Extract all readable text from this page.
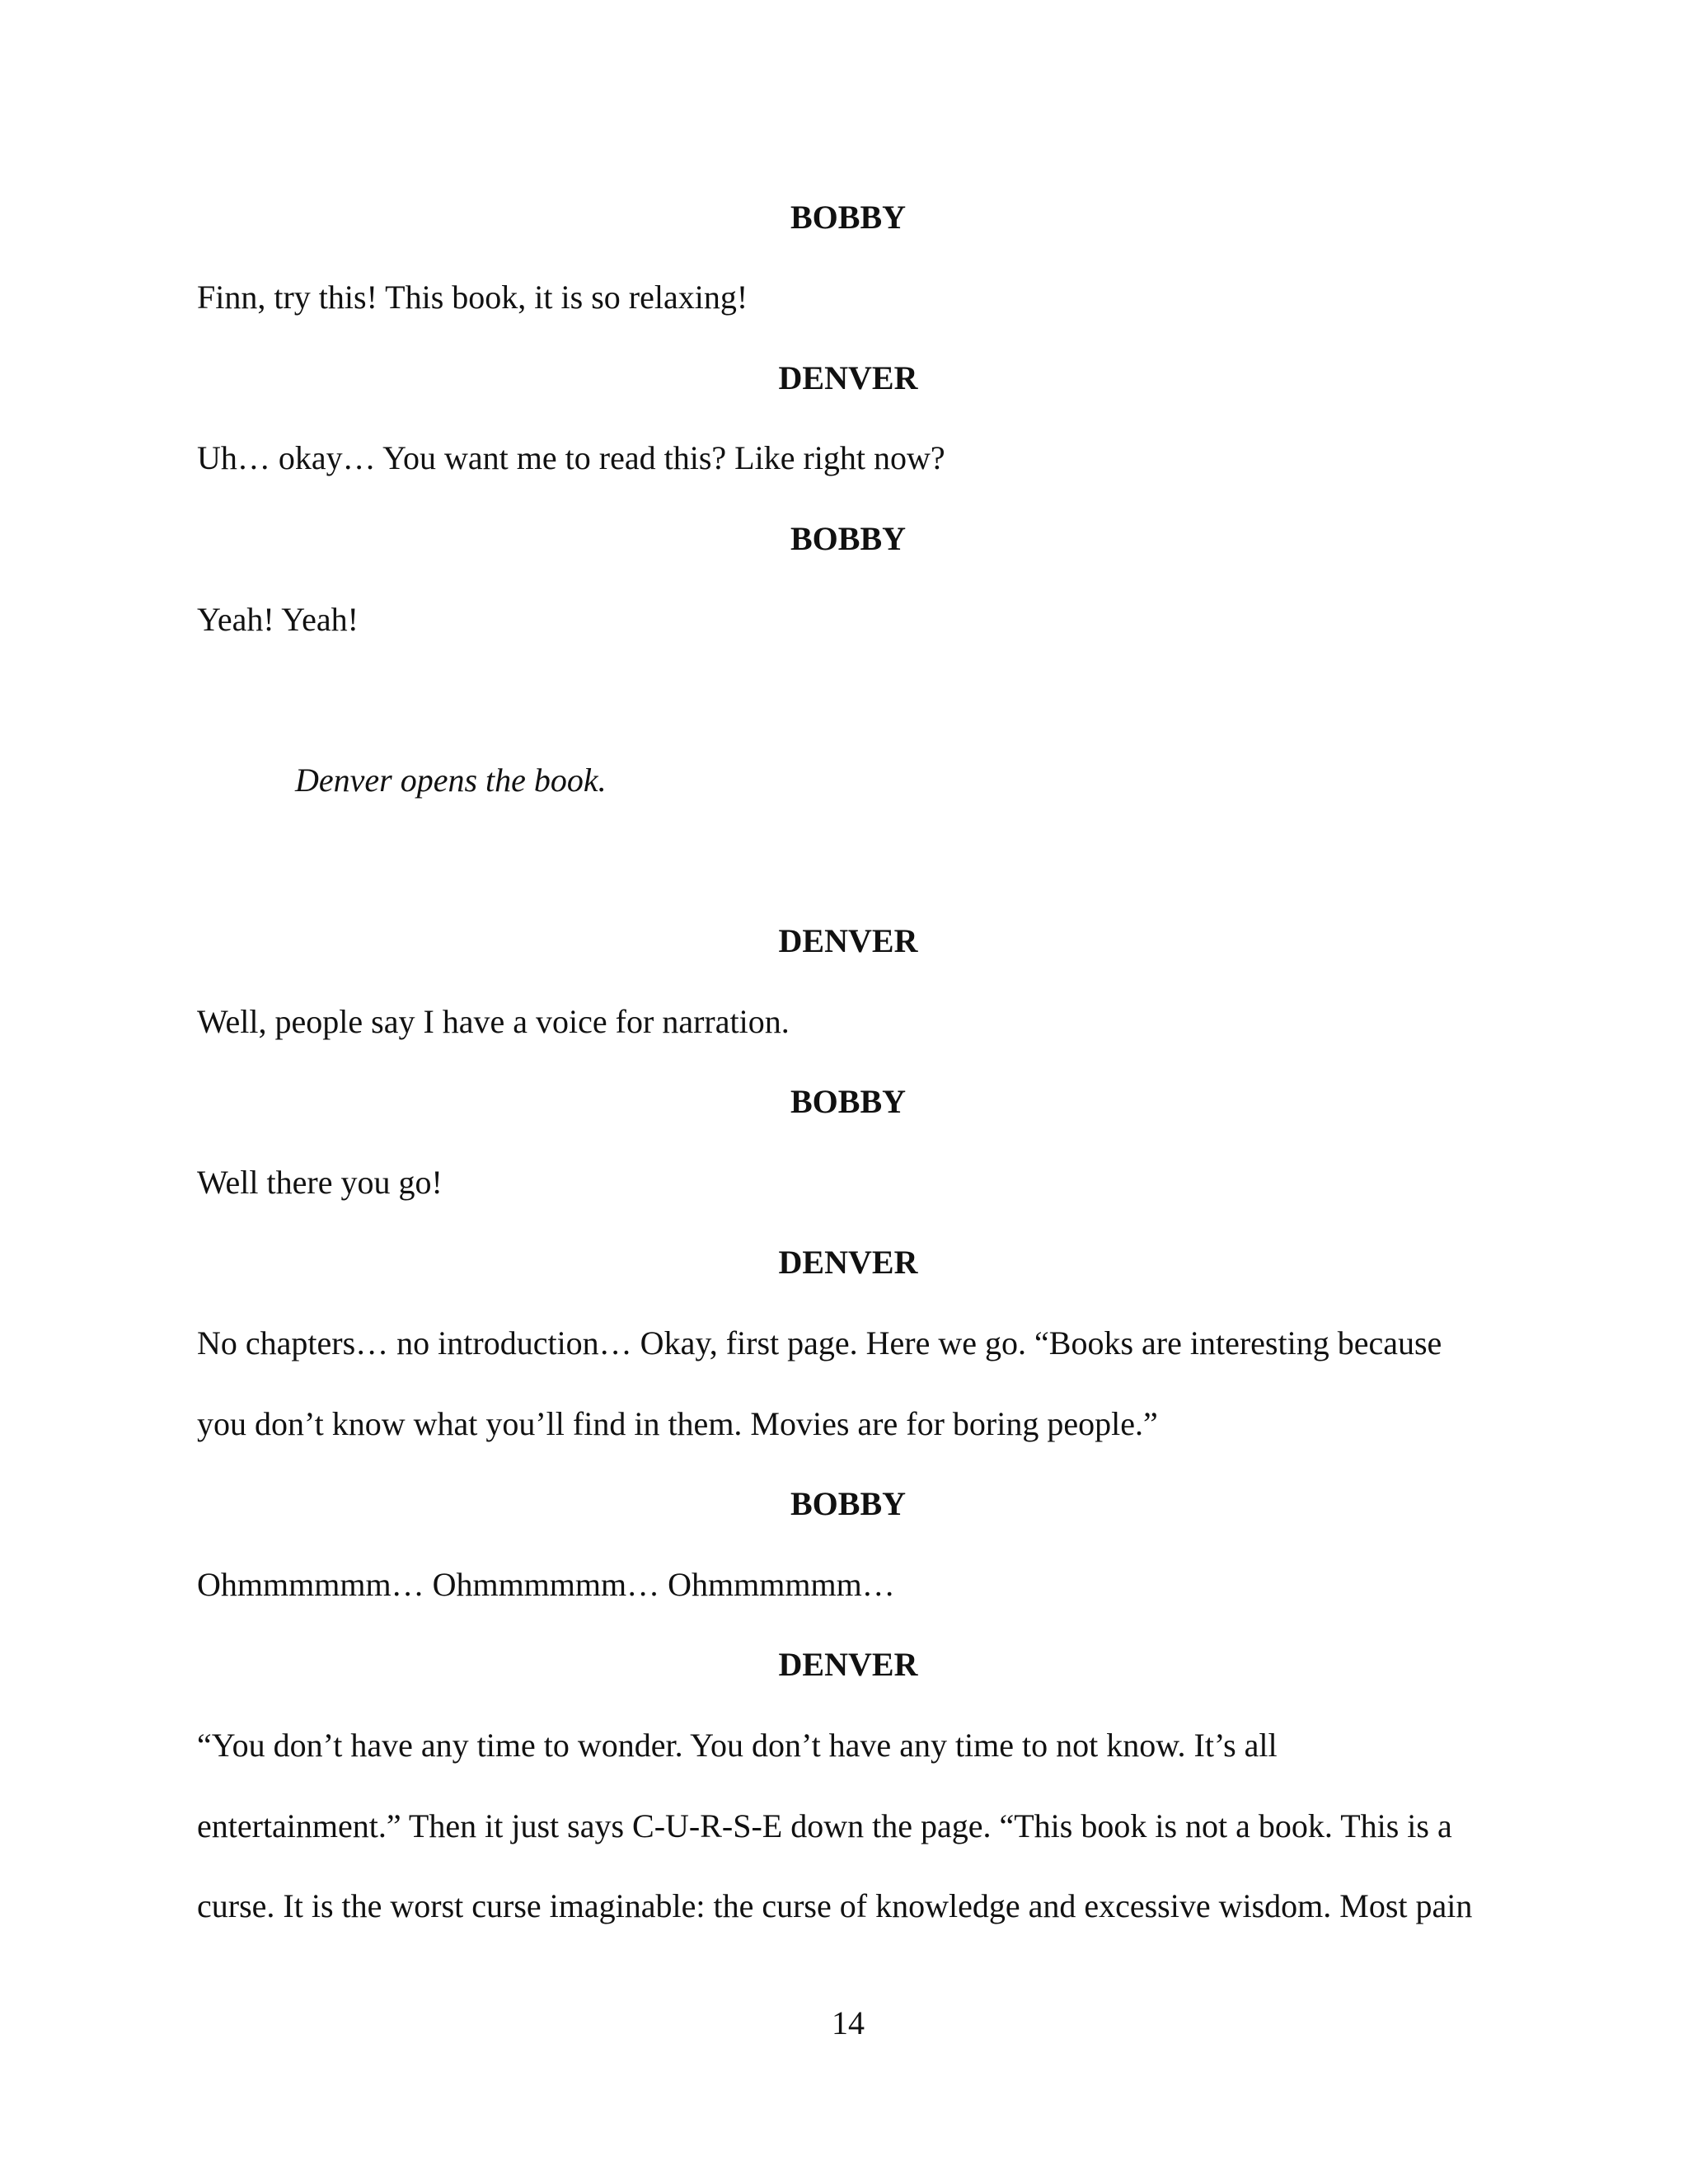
BOBBY
Finn, try this! This book, it is so relaxing!
DENVER
Uh… okay… You want me to read this? Like right now?
BOBBY
Yeah! Yeah!
Denver opens the book.
DENVER
Well, people say I have a voice for narration.
BOBBY
Well there you go!
DENVER
No chapters… no introduction… Okay, first page. Here we go. “Books are interesting because
you don’t know what you’ll find in them. Movies are for boring people.”
BOBBY
Ohmmmmmm… Ohmmmmmm… Ohmmmmmm…
DENVER
“You don’t have any time to wonder. You don’t have any time to not know. It’s all
entertainment.” Then it just says C-U-R-S-E down the page. “This book is not a book. This is a
curse. It is the worst curse imaginable: the curse of knowledge and excessive wisdom. Most pain
14
